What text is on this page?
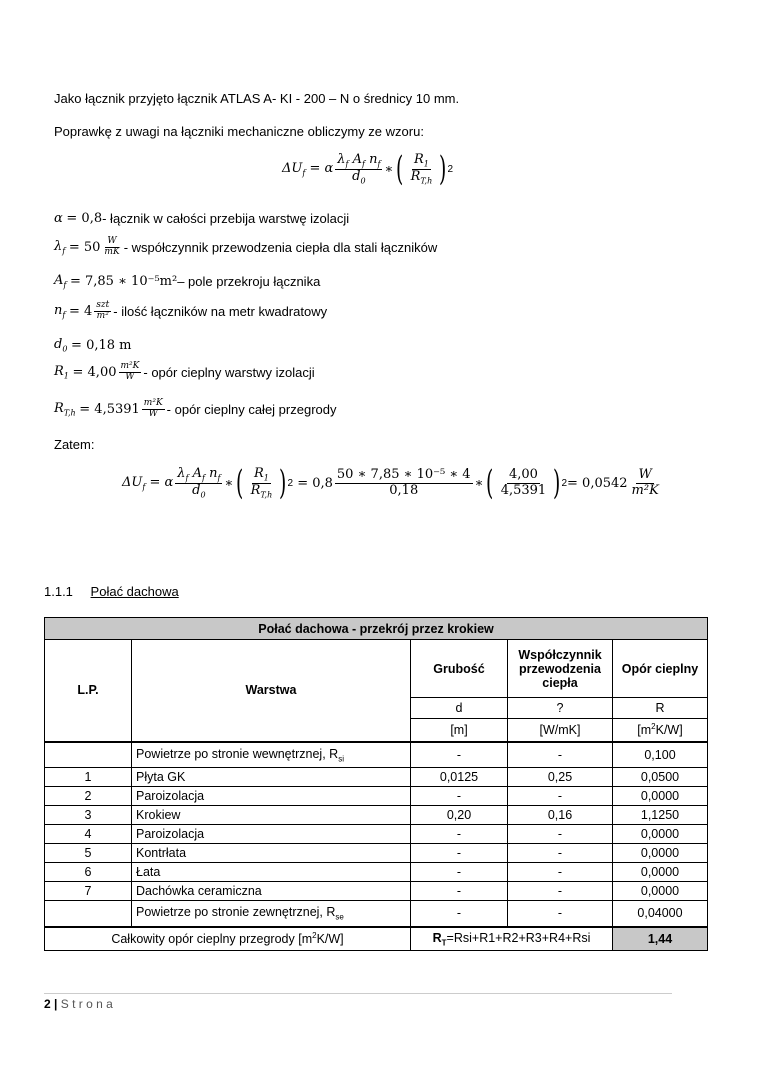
Jako łącznik przyjęto łącznik ATLAS A- KI - 200 – N o średnicy 10 mm.
Poprawkę z uwagi na łączniki mechaniczne obliczymy ze wzoru:
$\Delta U_f = \alpha \frac{\lambda_f A_f n_f}{d_0}$ ∗ ( $\frac{R_1}{R_{T,h}}$ ) 2
α
= 0,8 - łącznik w całości przebija warstwę izolacji
$\lambda_f$
= $50 \frac{W}{mK}$ - współczynnik przewodzenia ciepła dla stali łączników
$A_f$
= 7,85 ∗ 10⁻⁵m² – pole przekroju łącznika
$n_f$
= $4 \frac{\text{szt}}{\text{m²}}$ - ilość łączników na metr kwadratowy
$d_0$
= 0,18 m
$R_1$
= $4,00 \frac{\text{m²K}}{W}$ - opór cieplny warstwy izolacji
$R_{T,h}$
= $4,5391 \frac{\text{m²K}}{W}$ - opór cieplny całej przegrody
Zatem:
$\Delta U_f = \alpha \frac{\lambda_f A_f n_f}{d_0}$ ∗ ( $\frac{R_1}{R_{T,h}}$ ) $2 = 0,8 \frac{\text{50 ∗ 7,85 ∗ 10⁻⁵ ∗ 4}}{0,18}$ ∗ ( $\frac{4,00}{4,5391}$ ) $2 = 0,0542 \frac{W}{\text{m²K}}$
1.1.1 Połać dachowa
Połać dachowa - przekrój przez krokiew				
L.P.	Warstwa	Grubość	Współczynnik przewodzenia ciepła	Opór cieplny
		d	?	R
		[m]	[W/mK]	$[m^2K/W]$
	Powietrze po stronie wewnętrznej, $R_{si}$	-	-	0,100
1	Płyta GK	0,0125	0,25	0,0500
2	Paroizolacja	-	-	0,0000
3	Krokiew	0,20	0,16	1,1250
4	Paroizolacja	-	-	0,0000
5	Kontrłata	-	-	0,0000
6	Łata	-	-	0,0000
7	Dachówka ceramiczna	-	-	0,0000
	Powietrze po stronie zewnętrznej, $R_{se}$	-	-	0,04000
Całkowity opór cieplny przegrody $[m^2K/W]$		$R_T=Rsi+R1+R2+R3+R4+Rsi$		1,44
2 | S t r o n a
